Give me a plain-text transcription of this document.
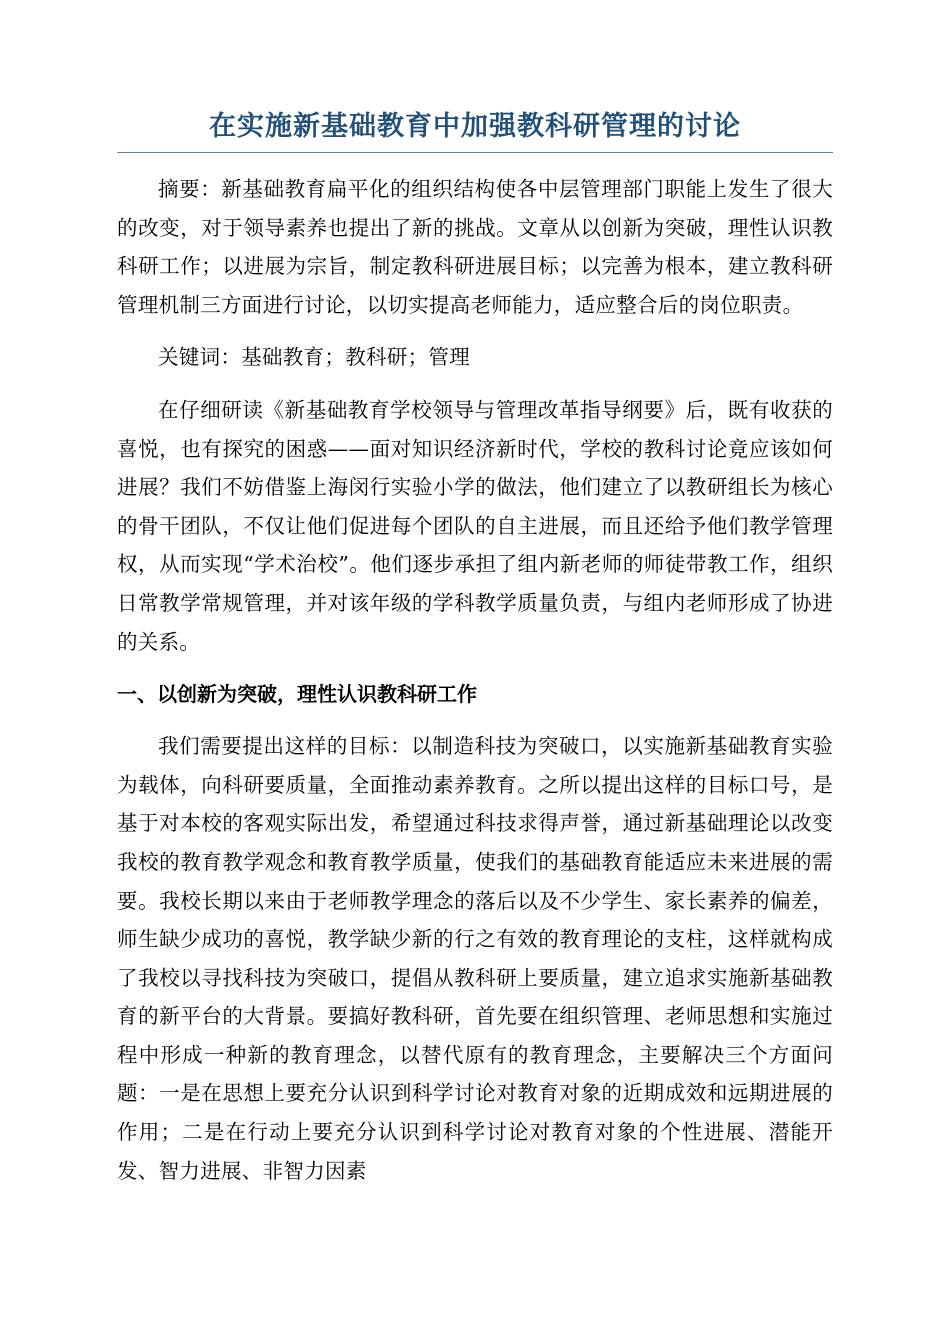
在实施新基础教育中加强教科研管理的讨论

摘要：新基础教育扁平化的组织结构使各中层管理部门职能上发生了很大的改变，对于领导素养也提出了新的挑战。文章从以创新为突破，理性认识教科研工作；以进展为宗旨，制定教科研进展目标；以完善为根本，建立教科研管理机制三方面进行讨论，以切实提高老师能力，适应整合后的岗位职责。

关键词：基础教育；教科研；管理

在仔细研读《新基础教育学校领导与管理改革指导纲要》后，既有收获的喜悦，也有探究的困惑——面对知识经济新时代，学校的教科讨论竟应该如何进展？我们不妨借鉴上海闵行实验小学的做法，他们建立了以教研组长为核心的骨干团队，不仅让他们促进每个团队的自主进展，而且还给予他们教学管理权，从而实现“学术治校”。他们逐步承担了组内新老师的师徒带教工作，组织日常教学常规管理，并对该年级的学科教学质量负责，与组内老师形成了协进的关系。

一、以创新为突破，理性认识教科研工作

我们需要提出这样的目标：以制造科技为突破口，以实施新基础教育实验为载体，向科研要质量，全面推动素养教育。之所以提出这样的目标口号，是基于对本校的客观实际出发，希望通过科技求得声誉，通过新基础理论以改变我校的教育教学观念和教育教学质量，使我们的基础教育能适应未来进展的需要。我校长期以来由于老师教学理念的落后以及不少学生、家长素养的偏差，师生缺少成功的喜悦，教学缺少新的行之有效的教育理论的支柱，这样就构成了我校以寻找科技为突破口，提倡从教科研上要质量，建立追求实施新基础教育的新平台的大背景。要搞好教科研，首先要在组织管理、老师思想和实施过程中形成一种新的教育理念，以替代原有的教育理念，主要解决三个方面问题：一是在思想上要充分认识到科学讨论对教育对象的近期成效和远期进展的作用；二是在行动上要充分认识到科学讨论对教育对象的个性进展、潜能开发、智力进展、非智力因素
